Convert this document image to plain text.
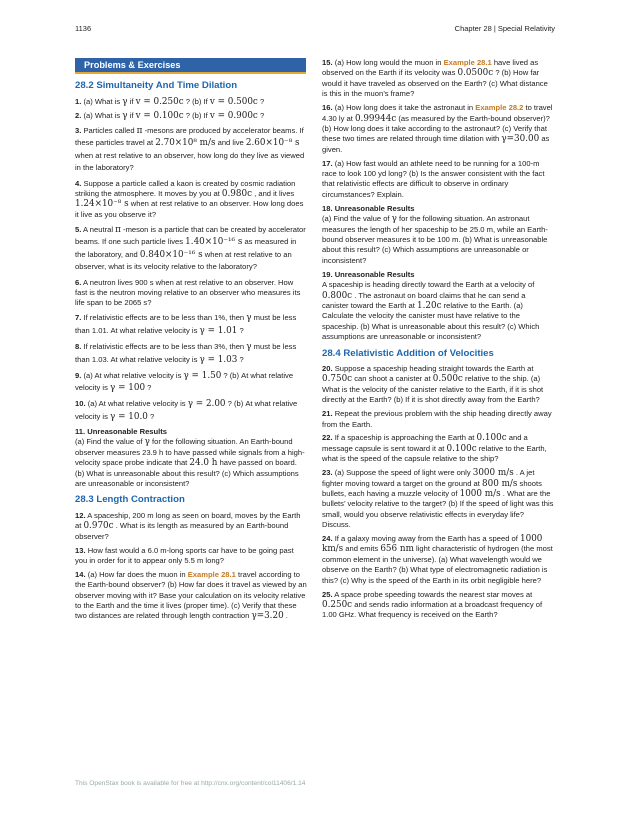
1136	Chapter 28 | Special Relativity
Problems & Exercises
28.2 Simultaneity And Time Dilation
1. (a) What is γ if v = 0.250c ? (b) If v = 0.500c ?
2. (a) What is γ if v = 0.100c ? (b) If v = 0.900c ?
3. Particles called π -mesons are produced by accelerator beams. If these particles travel at 2.70×10⁸ m/s and live 2.60×10⁻⁸ s when at rest relative to an observer, how long do they live as viewed in the laboratory?
4. Suppose a particle called a kaon is created by cosmic radiation striking the atmosphere. It moves by you at 0.980c , and it lives 1.24×10⁻⁸ s when at rest relative to an observer. How long does it live as you observe it?
5. A neutral π -meson is a particle that can be created by accelerator beams. If one such particle lives 1.40×10⁻¹⁶ s as measured in the laboratory, and 0.840×10⁻¹⁶ s when at rest relative to an observer, what is its velocity relative to the laboratory?
6. A neutron lives 900 s when at rest relative to an observer. How fast is the neutron moving relative to an observer who measures its life span to be 2065 s?
7. If relativistic effects are to be less than 1%, then γ must be less than 1.01. At what relative velocity is γ = 1.01 ?
8. If relativistic effects are to be less than 3%, then γ must be less than 1.03. At what relative velocity is γ = 1.03 ?
9. (a) At what relative velocity is γ = 1.50 ? (b) At what relative velocity is γ = 100 ?
10. (a) At what relative velocity is γ = 2.00 ? (b) At what relative velocity is γ = 10.0 ?
11. Unreasonable Results
(a) Find the value of γ for the following situation. An Earth-bound observer measures 23.9 h to have passed while signals from a high-velocity space probe indicate that 24.0 h have passed on board. (b) What is unreasonable about this result? (c) Which assumptions are unreasonable or inconsistent?
28.3 Length Contraction
12. A spaceship, 200 m long as seen on board, moves by the Earth at 0.970c . What is its length as measured by an Earth-bound observer?
13. How fast would a 6.0 m-long sports car have to be going past you in order for it to appear only 5.5 m long?
14. (a) How far does the muon in Example 28.1 travel according to the Earth-bound observer? (b) How far does it travel as viewed by an observer moving with it? Base your calculation on its velocity relative to the Earth and the time it lives (proper time). (c) Verify that these two distances are related through length contraction γ=3.20 .
15. (a) How long would the muon in Example 28.1 have lived as observed on the Earth if its velocity was 0.0500c ? (b) How far would it have traveled as observed on the Earth? (c) What distance is this in the muon’s frame?
16. (a) How long does it take the astronaut in Example 28.2 to travel 4.30 ly at 0.99944c (as measured by the Earth-bound observer)? (b) How long does it take according to the astronaut? (c) Verify that these two times are related through time dilation with γ=30.00 as given.
17. (a) How fast would an athlete need to be running for a 100-m race to look 100 yd long? (b) Is the answer consistent with the fact that relativistic effects are difficult to observe in ordinary circumstances? Explain.
18. Unreasonable Results
(a) Find the value of γ for the following situation. An astronaut measures the length of her spaceship to be 25.0 m, while an Earth-bound observer measures it to be 100 m. (b) What is unreasonable about this result? (c) Which assumptions are unreasonable or inconsistent?
19. Unreasonable Results
A spaceship is heading directly toward the Earth at a velocity of 0.800c . The astronaut on board claims that he can send a canister toward the Earth at 1.20c relative to the Earth. (a) Calculate the velocity the canister must have relative to the spaceship. (b) What is unreasonable about this result? (c) Which assumptions are unreasonable or inconsistent?
28.4 Relativistic Addition of Velocities
20. Suppose a spaceship heading straight towards the Earth at 0.750c can shoot a canister at 0.500c relative to the ship. (a) What is the velocity of the canister relative to the Earth, if it is shot directly at the Earth? (b) If it is shot directly away from the Earth?
21. Repeat the previous problem with the ship heading directly away from the Earth.
22. If a spaceship is approaching the Earth at 0.100c and a message capsule is sent toward it at 0.100c relative to the Earth, what is the speed of the capsule relative to the ship?
23. (a) Suppose the speed of light were only 3000 m/s . A jet fighter moving toward a target on the ground at 800 m/s shoots bullets, each having a muzzle velocity of 1000 m/s . What are the bullets’ velocity relative to the target? (b) If the speed of light was this small, would you observe relativistic effects in everyday life? Discuss.
24. If a galaxy moving away from the Earth has a speed of 1000 km/s and emits 656 nm light characteristic of hydrogen (the most common element in the universe). (a) What wavelength would we observe on the Earth? (b) What type of electromagnetic radiation is this? (c) Why is the speed of the Earth in its orbit negligible here?
25. A space probe speeding towards the nearest star moves at 0.250c and sends radio information at a broadcast frequency of 1.00 GHz. What frequency is received on the Earth?
This OpenStax book is available for free at http://cnx.org/content/col11406/1.14
